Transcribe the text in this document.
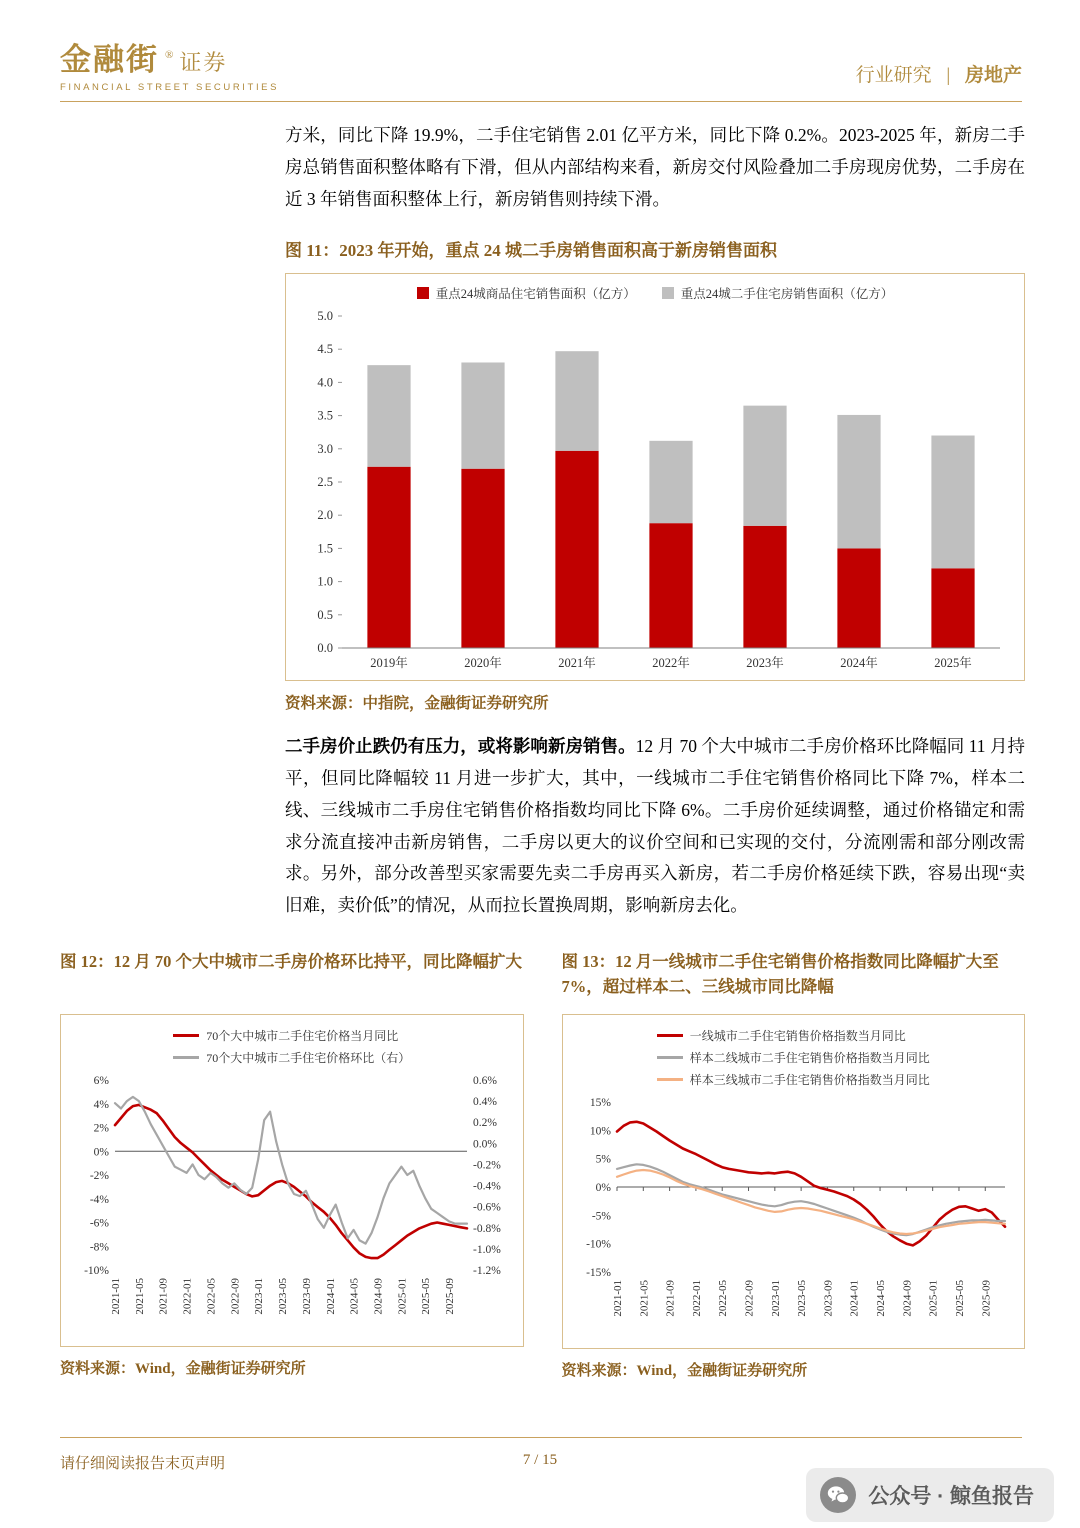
金融街 ® 证券
FINANCIAL STREET SECURITIES
行业研究 | 房地产

方米，同比下降 19.9%，二手住宅销售 2.01 亿平方米，同比下降 0.2%。2023-2025 年，新房二手房总销售面积整体略有下滑，但从内部结构来看，新房交付风险叠加二手房现房优势，二手房在近 3 年销售面积整体上行，新房销售则持续下滑。

图 11：2023 年开始，重点 24 城二手房销售面积高于新房销售面积
重点24城商品住宅销售面积（亿方）	重点24城二手住宅房销售面积（亿方）
0.0
0.5
1.0
1.5
2.0
2.5
3.0
3.5
4.0
4.5
5.0
2019年	2020年	2021年	2022年	2023年	2024年	2025年
资料来源：中指院，金融街证券研究所

二手房价止跌仍有压力，或将影响新房销售。12 月 70 个大中城市二手房价格环比降幅同 11 月持平，但同比降幅较 11 月进一步扩大，其中，一线城市二手住宅销售价格同比下降 7%，样本二线、三线城市二手房住宅销售价格指数均同比下降 6%。二手房价延续调整，通过价格锚定和需求分流直接冲击新房销售，二手房以更大的议价空间和已实现的交付，分流刚需和部分刚改需求。另外，部分改善型买家需要先卖二手房再买入新房，若二手房价格延续下跌，容易出现“卖旧难，卖价低”的情况，从而拉长置换周期，影响新房去化。

图 12：12 月 70 个大中城市二手房价格环比持平，同比降幅扩大
70个大中城市二手住宅价格当月同比
70个大中城市二手住宅价格环比（右）
6%
4%
2%
0%
-2%
-4%
-6%
-8%
-10%
0.6%
0.4%
0.2%
0.0%
-0.2%
-0.4%
-0.6%
-0.8%
-1.0%
-1.2%
2021-01 2021-05 2021-09 2022-01 2022-05 2022-09 2023-01 2023-05 2023-09 2024-01 2024-05 2024-09 2025-01 2025-05 2025-09
资料来源：Wind，金融街证券研究所
图 13：12 月一线城市二手住宅销售价格指数同比降幅扩大至 7%，超过样本二、三线城市同比降幅
一线城市二手住宅销售价格指数当月同比
样本二线城市二手住宅销售价格指数当月同比
样本三线城市二手住宅销售价格指数当月同比
15%
10%
5%
0%
-5%
-10%
-15%
2021-01 2021-05 2021-09 2022-01 2022-05 2022-09 2023-01 2023-05 2023-09 2024-01 2024-05 2024-09 2025-01 2025-05 2025-09
资料来源：Wind，金融街证券研究所
请仔细阅读报告末页声明	7 / 15
公众号 · 鲸鱼报告
